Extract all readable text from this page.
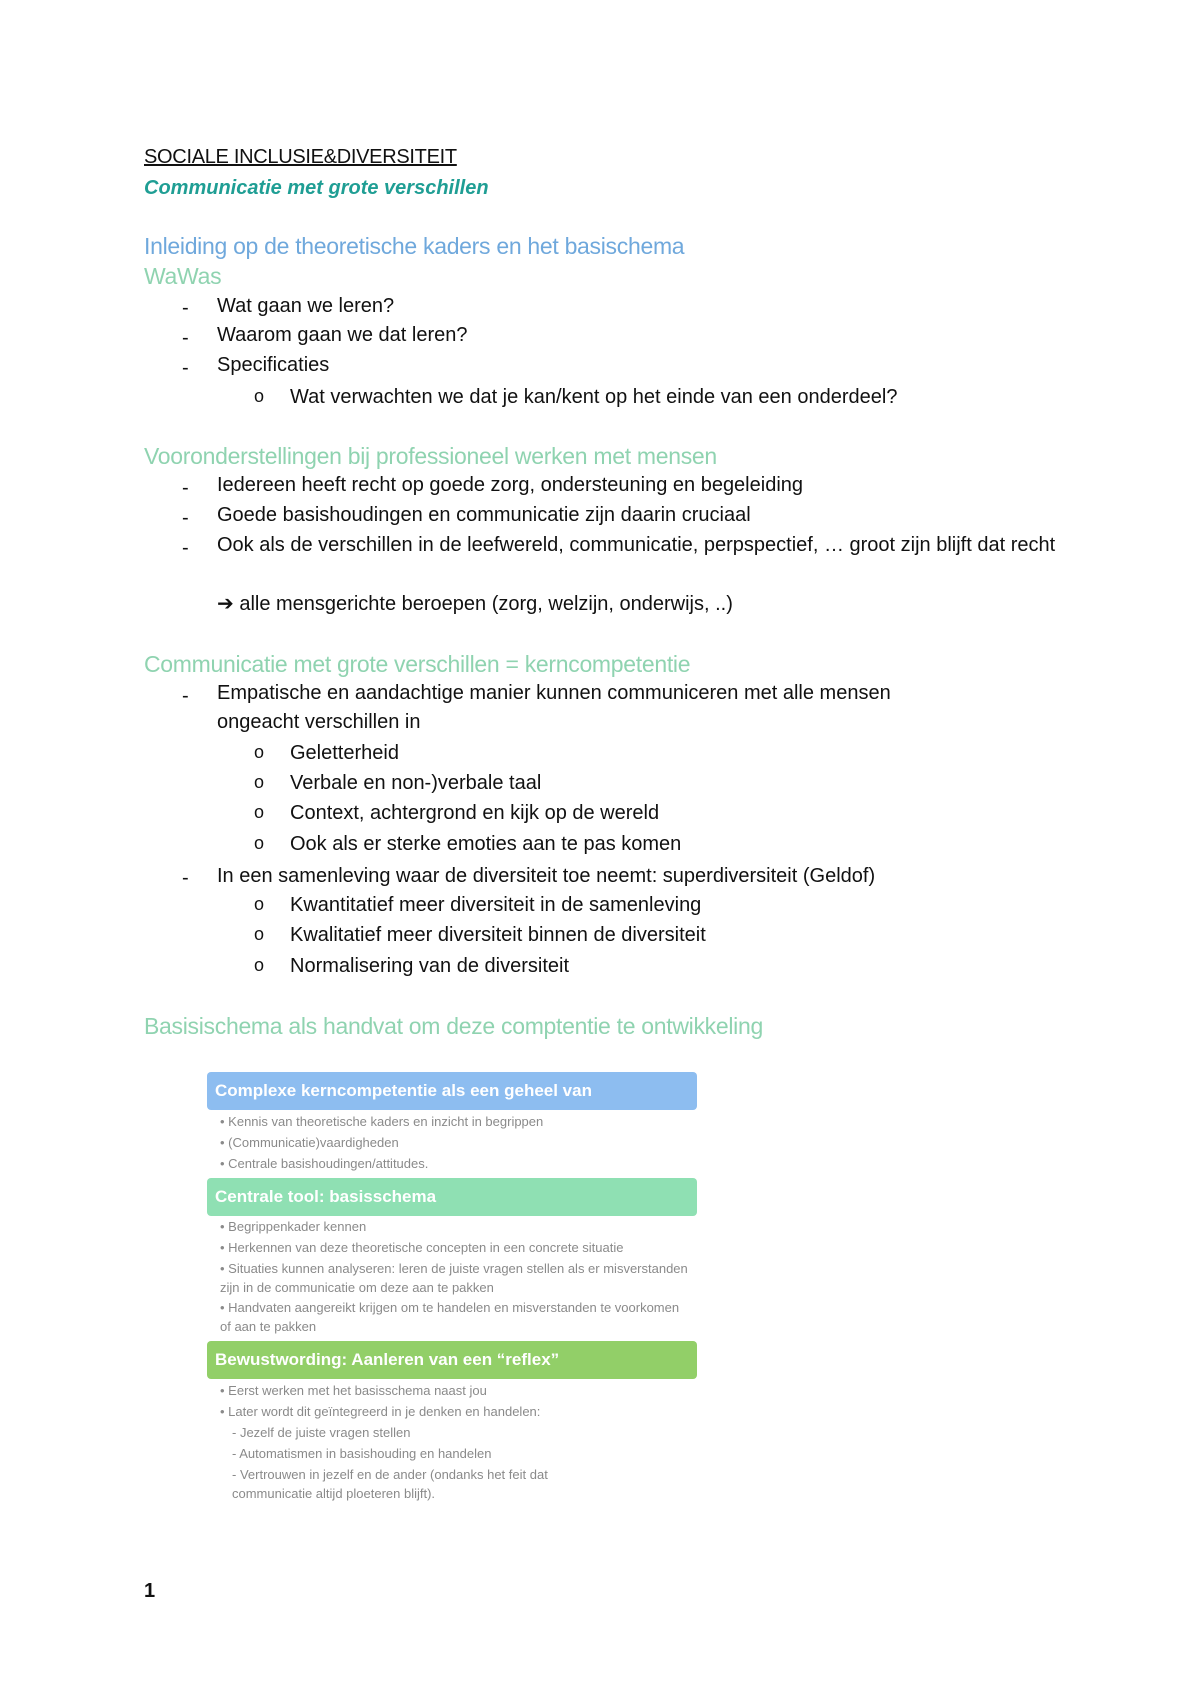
SOCIALE INCLUSIE&DIVERSITEIT
Communicatie met grote verschillen
Inleiding op de theoretische kaders en het basischema
WaWas
- Wat gaan we leren?
- Waarom gaan we dat leren?
- Specificaties
o Wat verwachten we dat je kan/kent op het einde van een onderdeel?
Vooronderstellingen bij professioneel werken met mensen
- Iedereen heeft recht op goede zorg, ondersteuning en begeleiding
- Goede basishoudingen en communicatie zijn daarin cruciaal
- Ook als de verschillen in de leefwereld, communicatie, perpspectief, … groot zijn blijft dat recht
➔ alle mensgerichte beroepen (zorg, welzijn, onderwijs, ..)
Communicatie met grote verschillen = kerncompetentie
- Empatische en aandachtige manier kunnen communiceren met alle mensen ongeacht verschillen in
o Geletterheid
o Verbale en non-)verbale taal
o Context, achtergrond en kijk op de wereld
o Ook als er sterke emoties aan te pas komen
- In een samenleving waar de diversiteit toe neemt: superdiversiteit (Geldof)
o Kwantitatief meer diversiteit in de samenleving
o Kwalitatief meer diversiteit binnen de diversiteit
o Normalisering van de diversiteit
Basisischema als handvat om deze comptentie te ontwikkeling
Complexe kerncompetentie als een geheel van
• Kennis van theoretische kaders en inzicht in begrippen
• (Communicatie)vaardigheden
• Centrale basishoudingen/attitudes.
Centrale tool: basisschema
• Begrippenkader kennen
• Herkennen van deze theoretische concepten in een concrete situatie
• Situaties kunnen analyseren: leren de juiste vragen stellen als er misverstanden zijn in de communicatie om deze aan te pakken
• Handvaten aangereikt krijgen om te handelen en misverstanden te voorkomen of aan te pakken
Bewustwording: Aanleren van een “reflex”
• Eerst werken met het basisschema naast jou
• Later wordt dit geïntegreerd in je denken en handelen:
- Jezelf de juiste vragen stellen
- Automatismen in basishouding en handelen
- Vertrouwen in jezelf en de ander (ondanks het feit dat communicatie altijd ploeteren blijft).
1
